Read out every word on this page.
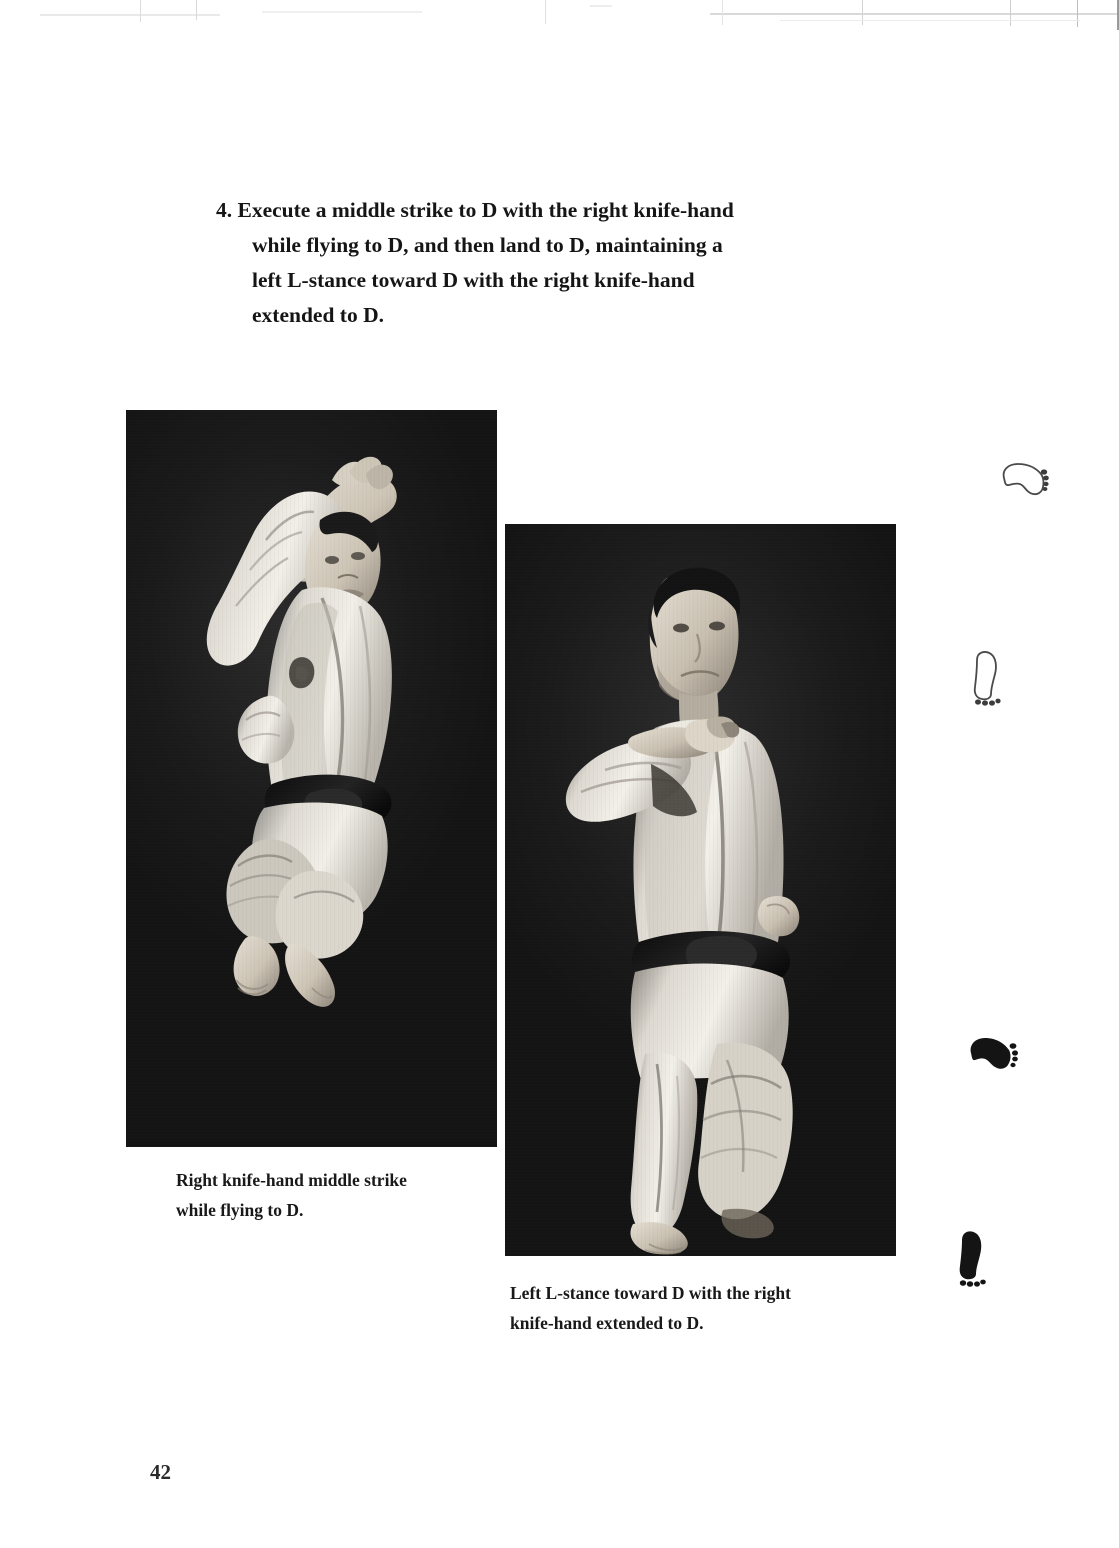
4. Execute a middle strike to D with the right knife-hand
while flying to D, and then land to D, maintaining a
left L-stance toward D with the right knife-hand
extended to D.
Right knife-hand middle strike
while flying to D.
Left L-stance toward D with the right
knife-hand extended to D.
42
